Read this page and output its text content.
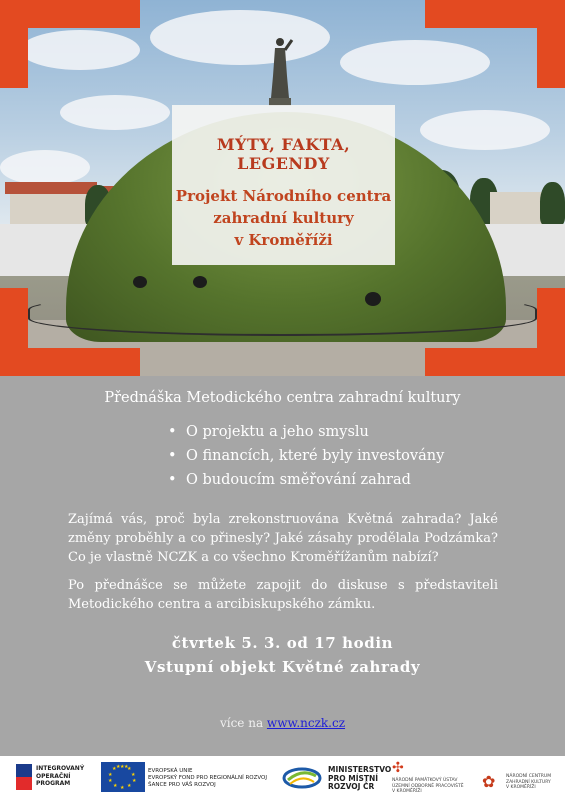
MÝTY, FAKTA, LEGENDY
Projekt Národního centra
zahradní kultury
v Kroměříži
Přednáška Metodického centra zahradní kultury
• O projektu a jeho smyslu
• O financích, které byly investovány
• O budoucím směřování zahrad
Zajímá vás, proč byla zrekonstruována Květná zahrada? Jaké změny proběhly a co přinesly? Jaké zásahy prodělala Podzámka? Co je vlastně NCZK a co všechno Kroměřížanům nabízí?
Po přednášce se můžete zapojit do diskuse s představiteli Metodického centra a arcibiskupského zámku.
čtvrtek 5. 3. od 17 hodin
Vstupní objekt Květné zahrady
více na www.nczk.cz
INTEGROVANÝ
OPERAČNÍ
PROGRAM
★ ★
★
★
★
★
★
★
★
★ ★ ★
EVROPSKÁ UNIE
EVROPSKÝ FOND PRO REGIONÁLNÍ ROZVOJ
ŠANCE PRO VÁŠ ROZVOJ
MINISTERSTVO
PRO MÍSTNÍ
ROZVOJ ČR
✣
NÁRODNÍ PAMÁTKOVÝ ÚSTAV
ÚZEMNÍ ODBORNÉ PRACOVIŠTĚ
V KROMĚŘÍŽI
✿	NÁRODNÍ CENTRUM
ZAHRADNÍ KULTURY
V KROMĚŘÍŽI
